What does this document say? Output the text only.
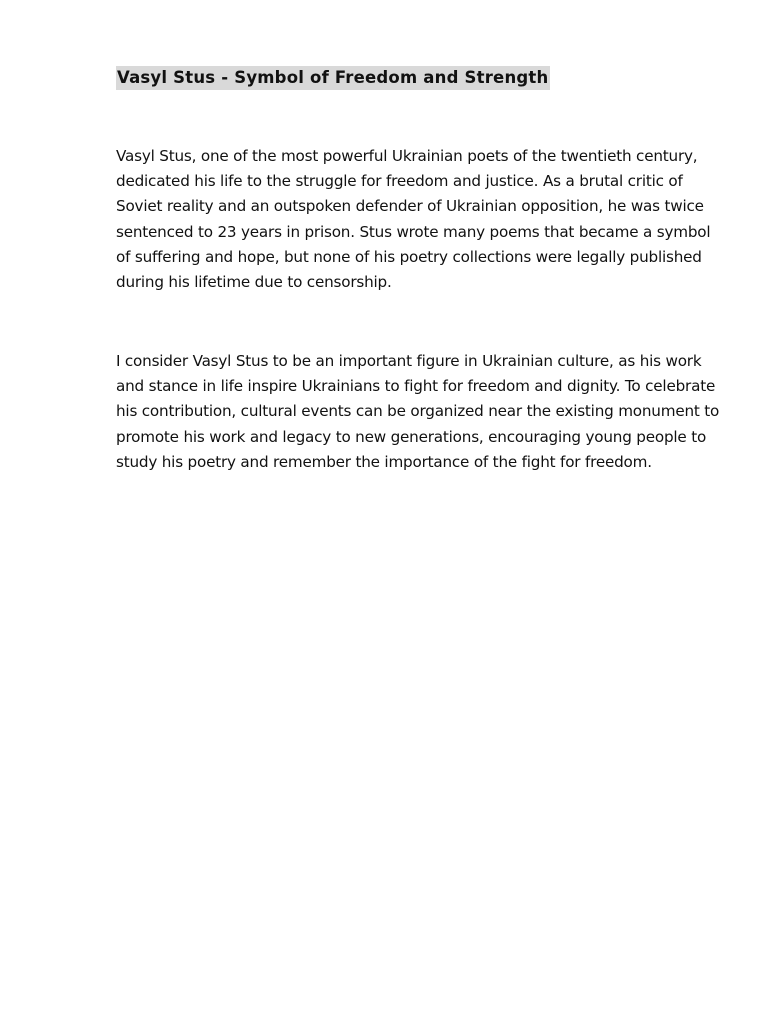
Vasyl Stus - Symbol of Freedom and Strength

Vasyl Stus, one of the most powerful Ukrainian poets of the twentieth century, dedicated his life to the struggle for freedom and justice. As a brutal critic of Soviet reality and an outspoken defender of Ukrainian opposition, he was twice sentenced to 23 years in prison. Stus wrote many poems that became a symbol of suffering and hope, but none of his poetry collections were legally published during his lifetime due to censorship.

I consider Vasyl Stus to be an important figure in Ukrainian culture, as his work and stance in life inspire Ukrainians to fight for freedom and dignity. To celebrate his contribution, cultural events can be organized near the existing monument to promote his work and legacy to new generations, encouraging young people to study his poetry and remember the importance of the fight for freedom.
